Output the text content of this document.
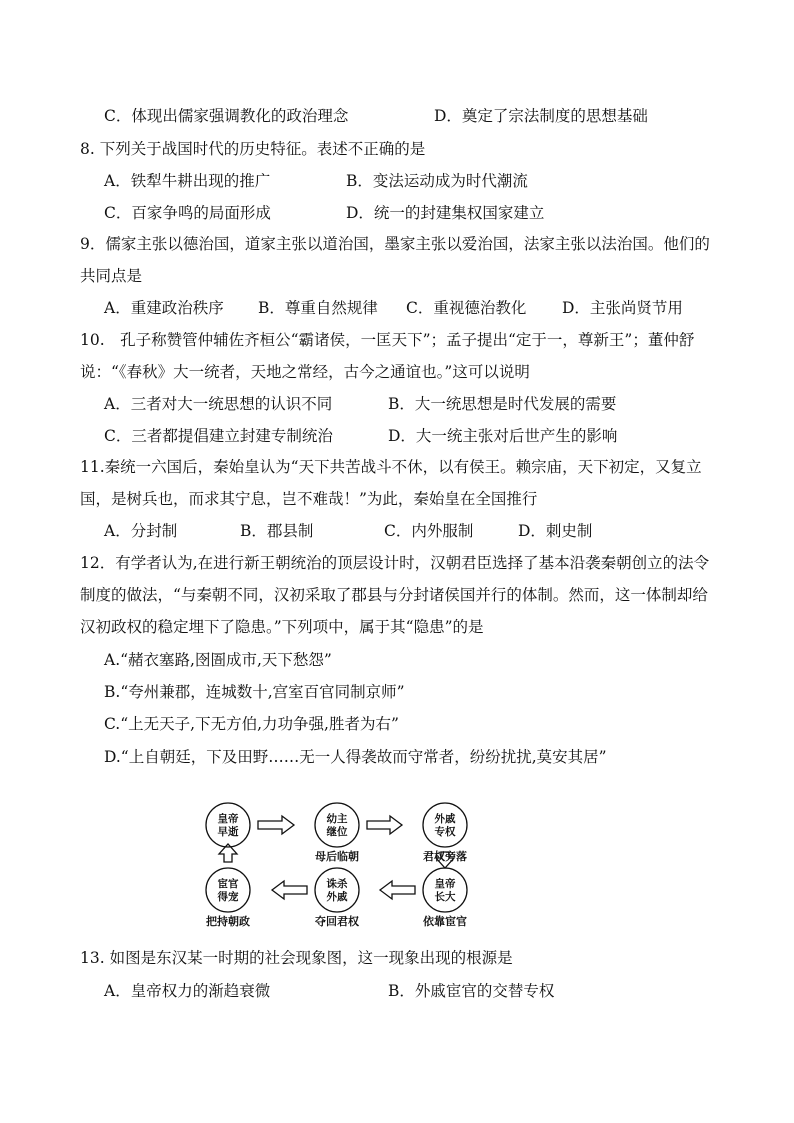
C．体现出儒家强调教化的政治理念	D．奠定了宗法制度的思想基础
8. 下列关于战国时代的历史特征。表述不正确的是
A．铁犁牛耕出现的推广	B．变法运动成为时代潮流
C．百家争鸣的局面形成	D．统一的封建集权国家建立
9．儒家主张以德治国，道家主张以道治国，墨家主张以爱治国，法家主张以法治国。他们的
共同点是
A．重建政治秩序 B．尊重自然规律 C．重视德治教化 D．主张尚贤节用
10.　孔子称赞管仲辅佐齐桓公“霸诸侯，一匡天下”；孟子提出“定于一，尊新王”；董仲舒
说：“《春秋》大一统者，天地之常经，古今之通谊也。”这可以说明
A．三者对大一统思想的认识不同	B．大一统思想是时代发展的需要
C．三者都提倡建立封建专制统治	D．大一统主张对后世产生的影响
11.秦统一六国后，秦始皇认为“天下共苦战斗不休，以有侯王。赖宗庙，天下初定，又复立
国，是树兵也，而求其宁息，岂不难哉！”为此，秦始皇在全国推行
A．分封制	B．郡县制	C．内外服制	D．刺史制
12．有学者认为,在进行新王朝统治的顶层设计时，汉朝君臣选择了基本沿袭秦朝创立的法令
制度的做法，“与秦朝不同，汉初采取了郡县与分封诸侯国并行的体制。然而，这一体制却给
汉初政权的稳定埋下了隐患。”下列项中，属于其“隐患”的是
A.“赭衣塞路,囹圄成市,天下愁怨”
B.“夸州兼郡，连城数十,宫室百官同制京师”
C.“上无天子,下无方伯,力功争强,胜者为右”
D.“上自朝廷，下及田野……无一人得袭故而守常者，纷纷扰扰,莫安其居”
皇帝
早逝
幼主
继位
外戚
专权
皇帝
长大
诛杀
外戚
宦官
得宠
母后临朝	君权旁落
依靠宦官
夺回君权
把持朝政
13. 如图是东汉某一时期的社会现象图，这一现象出现的根源是
A．皇帝权力的渐趋衰微	B．外戚宦官的交替专权
